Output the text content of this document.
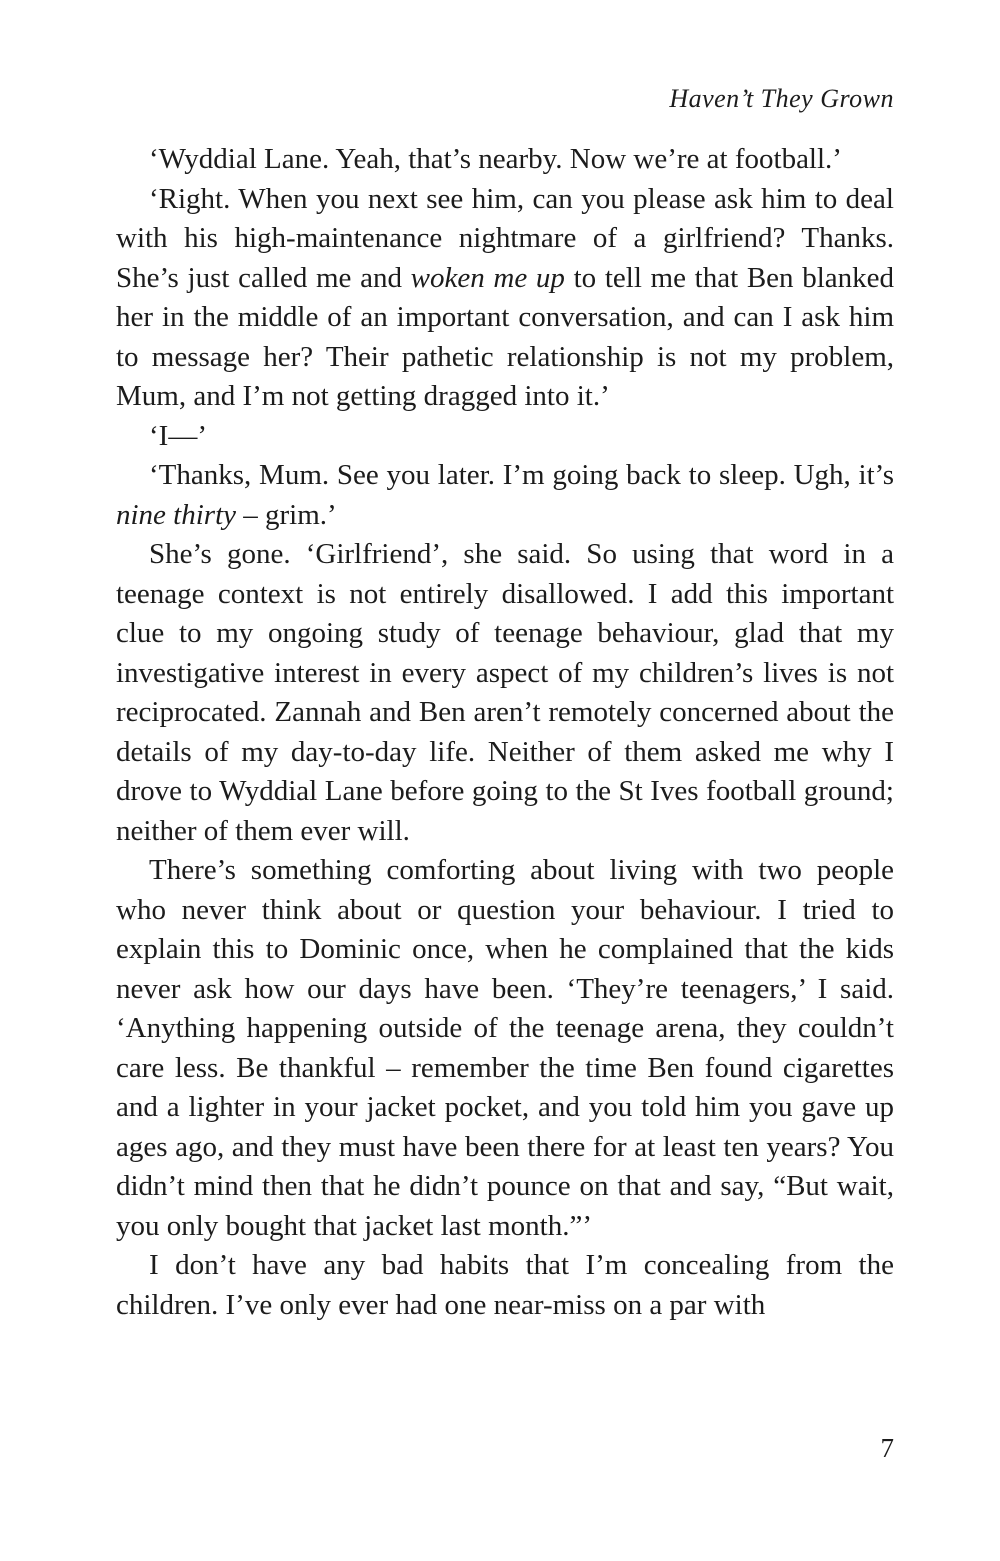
Haven’t They Grown

‘Wyddial Lane. Yeah, that’s nearby. Now we’re at football.’

‘Right. When you next see him, can you please ask him to deal with his high-maintenance nightmare of a girlfriend? Thanks. She’s just called me and woken me up to tell me that Ben blanked her in the middle of an important conversation, and can I ask him to message her? Their pathetic relationship is not my problem, Mum, and I’m not getting dragged into it.’

‘I—’

‘Thanks, Mum. See you later. I’m going back to sleep. Ugh, it’s nine thirty – grim.’

She’s gone. ‘Girlfriend’, she said. So using that word in a teenage context is not entirely disallowed. I add this important clue to my ongoing study of teenage behaviour, glad that my investigative interest in every aspect of my children’s lives is not reciprocated. Zannah and Ben aren’t remotely concerned about the details of my day-to-day life. Neither of them asked me why I drove to Wyddial Lane before going to the St Ives football ground; neither of them ever will.

There’s something comforting about living with two people who never think about or question your behaviour. I tried to explain this to Dominic once, when he complained that the kids never ask how our days have been. ‘They’re teenagers,’ I said. ‘Anything happening outside of the teenage arena, they couldn’t care less. Be thankful – remember the time Ben found cigarettes and a lighter in your jacket pocket, and you told him you gave up ages ago, and they must have been there for at least ten years? You didn’t mind then that he didn’t pounce on that and say, “But wait, you only bought that jacket last month.”’

I don’t have any bad habits that I’m concealing from the children. I’ve only ever had one near-miss on a par with

7
